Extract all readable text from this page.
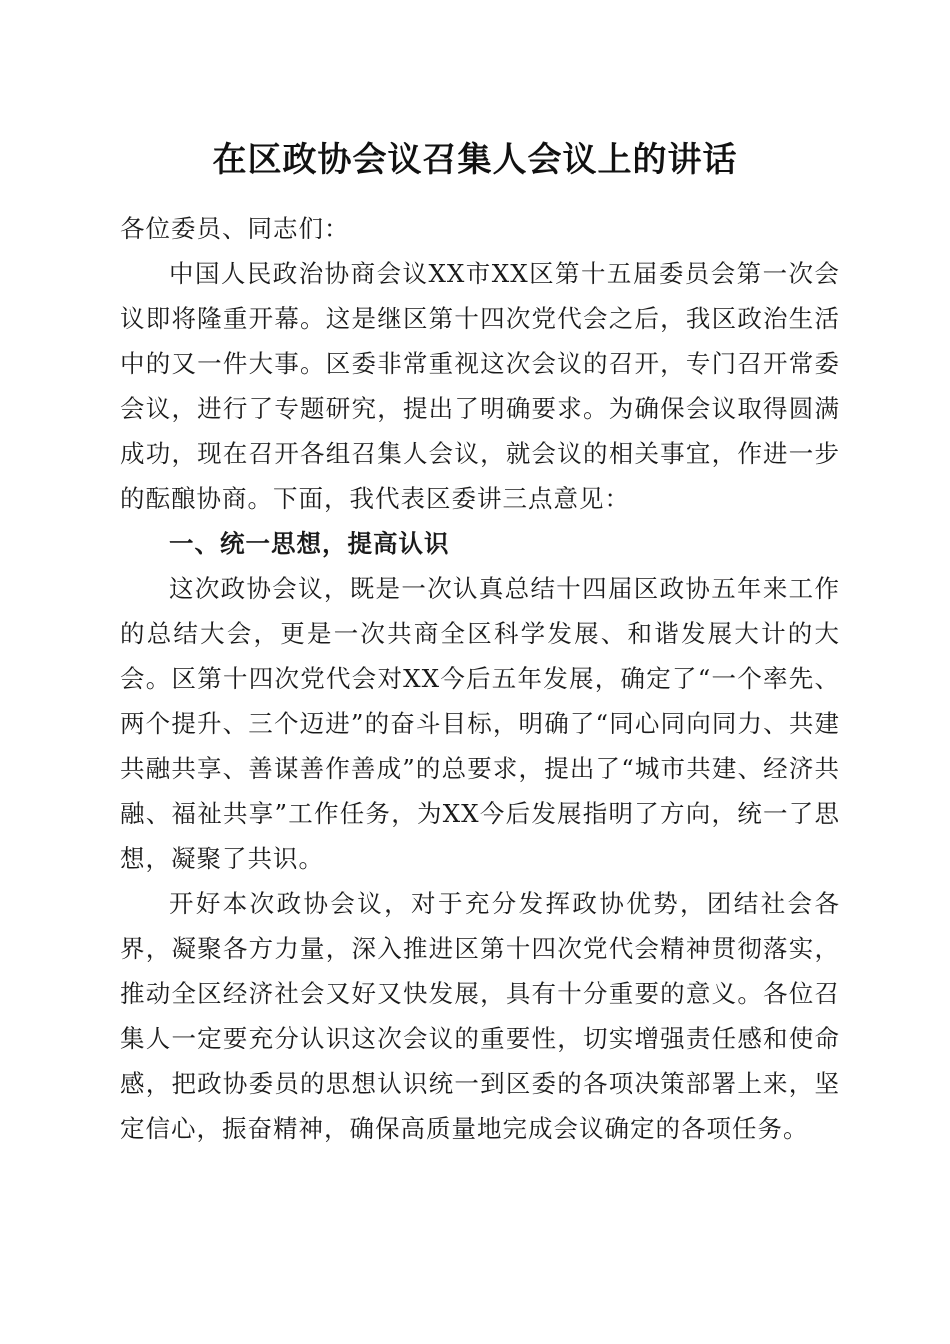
在区政协会议召集人会议上的讲话
各位委员、同志们：

中国人民政治协商会议XX市XX区第十五届委员会第一次会议即将隆重开幕。这是继区第十四次党代会之后，我区政治生活中的又一件大事。区委非常重视这次会议的召开，专门召开常委会议，进行了专题研究，提出了明确要求。为确保会议取得圆满成功，现在召开各组召集人会议，就会议的相关事宜，作进一步的酝酿协商。下面，我代表区委讲三点意见：

一、统一思想，提高认识

这次政协会议，既是一次认真总结十四届区政协五年来工作的总结大会，更是一次共商全区科学发展、和谐发展大计的大会。区第十四次党代会对XX今后五年发展，确定了“一个率先、两个提升、三个迈进”的奋斗目标，明确了“同心同向同力、共建共融共享、善谋善作善成”的总要求，提出了“城市共建、经济共融、福祉共享”工作任务，为XX今后发展指明了方向，统一了思想，凝聚了共识。

开好本次政协会议，对于充分发挥政协优势，团结社会各界，凝聚各方力量，深入推进区第十四次党代会精神贯彻落实，推动全区经济社会又好又快发展，具有十分重要的意义。各位召集人一定要充分认识这次会议的重要性，切实增强责任感和使命感，把政协委员的思想认识统一到区委的各项决策部署上来，坚定信心，振奋精神，确保高质量地完成会议确定的各项任务。
